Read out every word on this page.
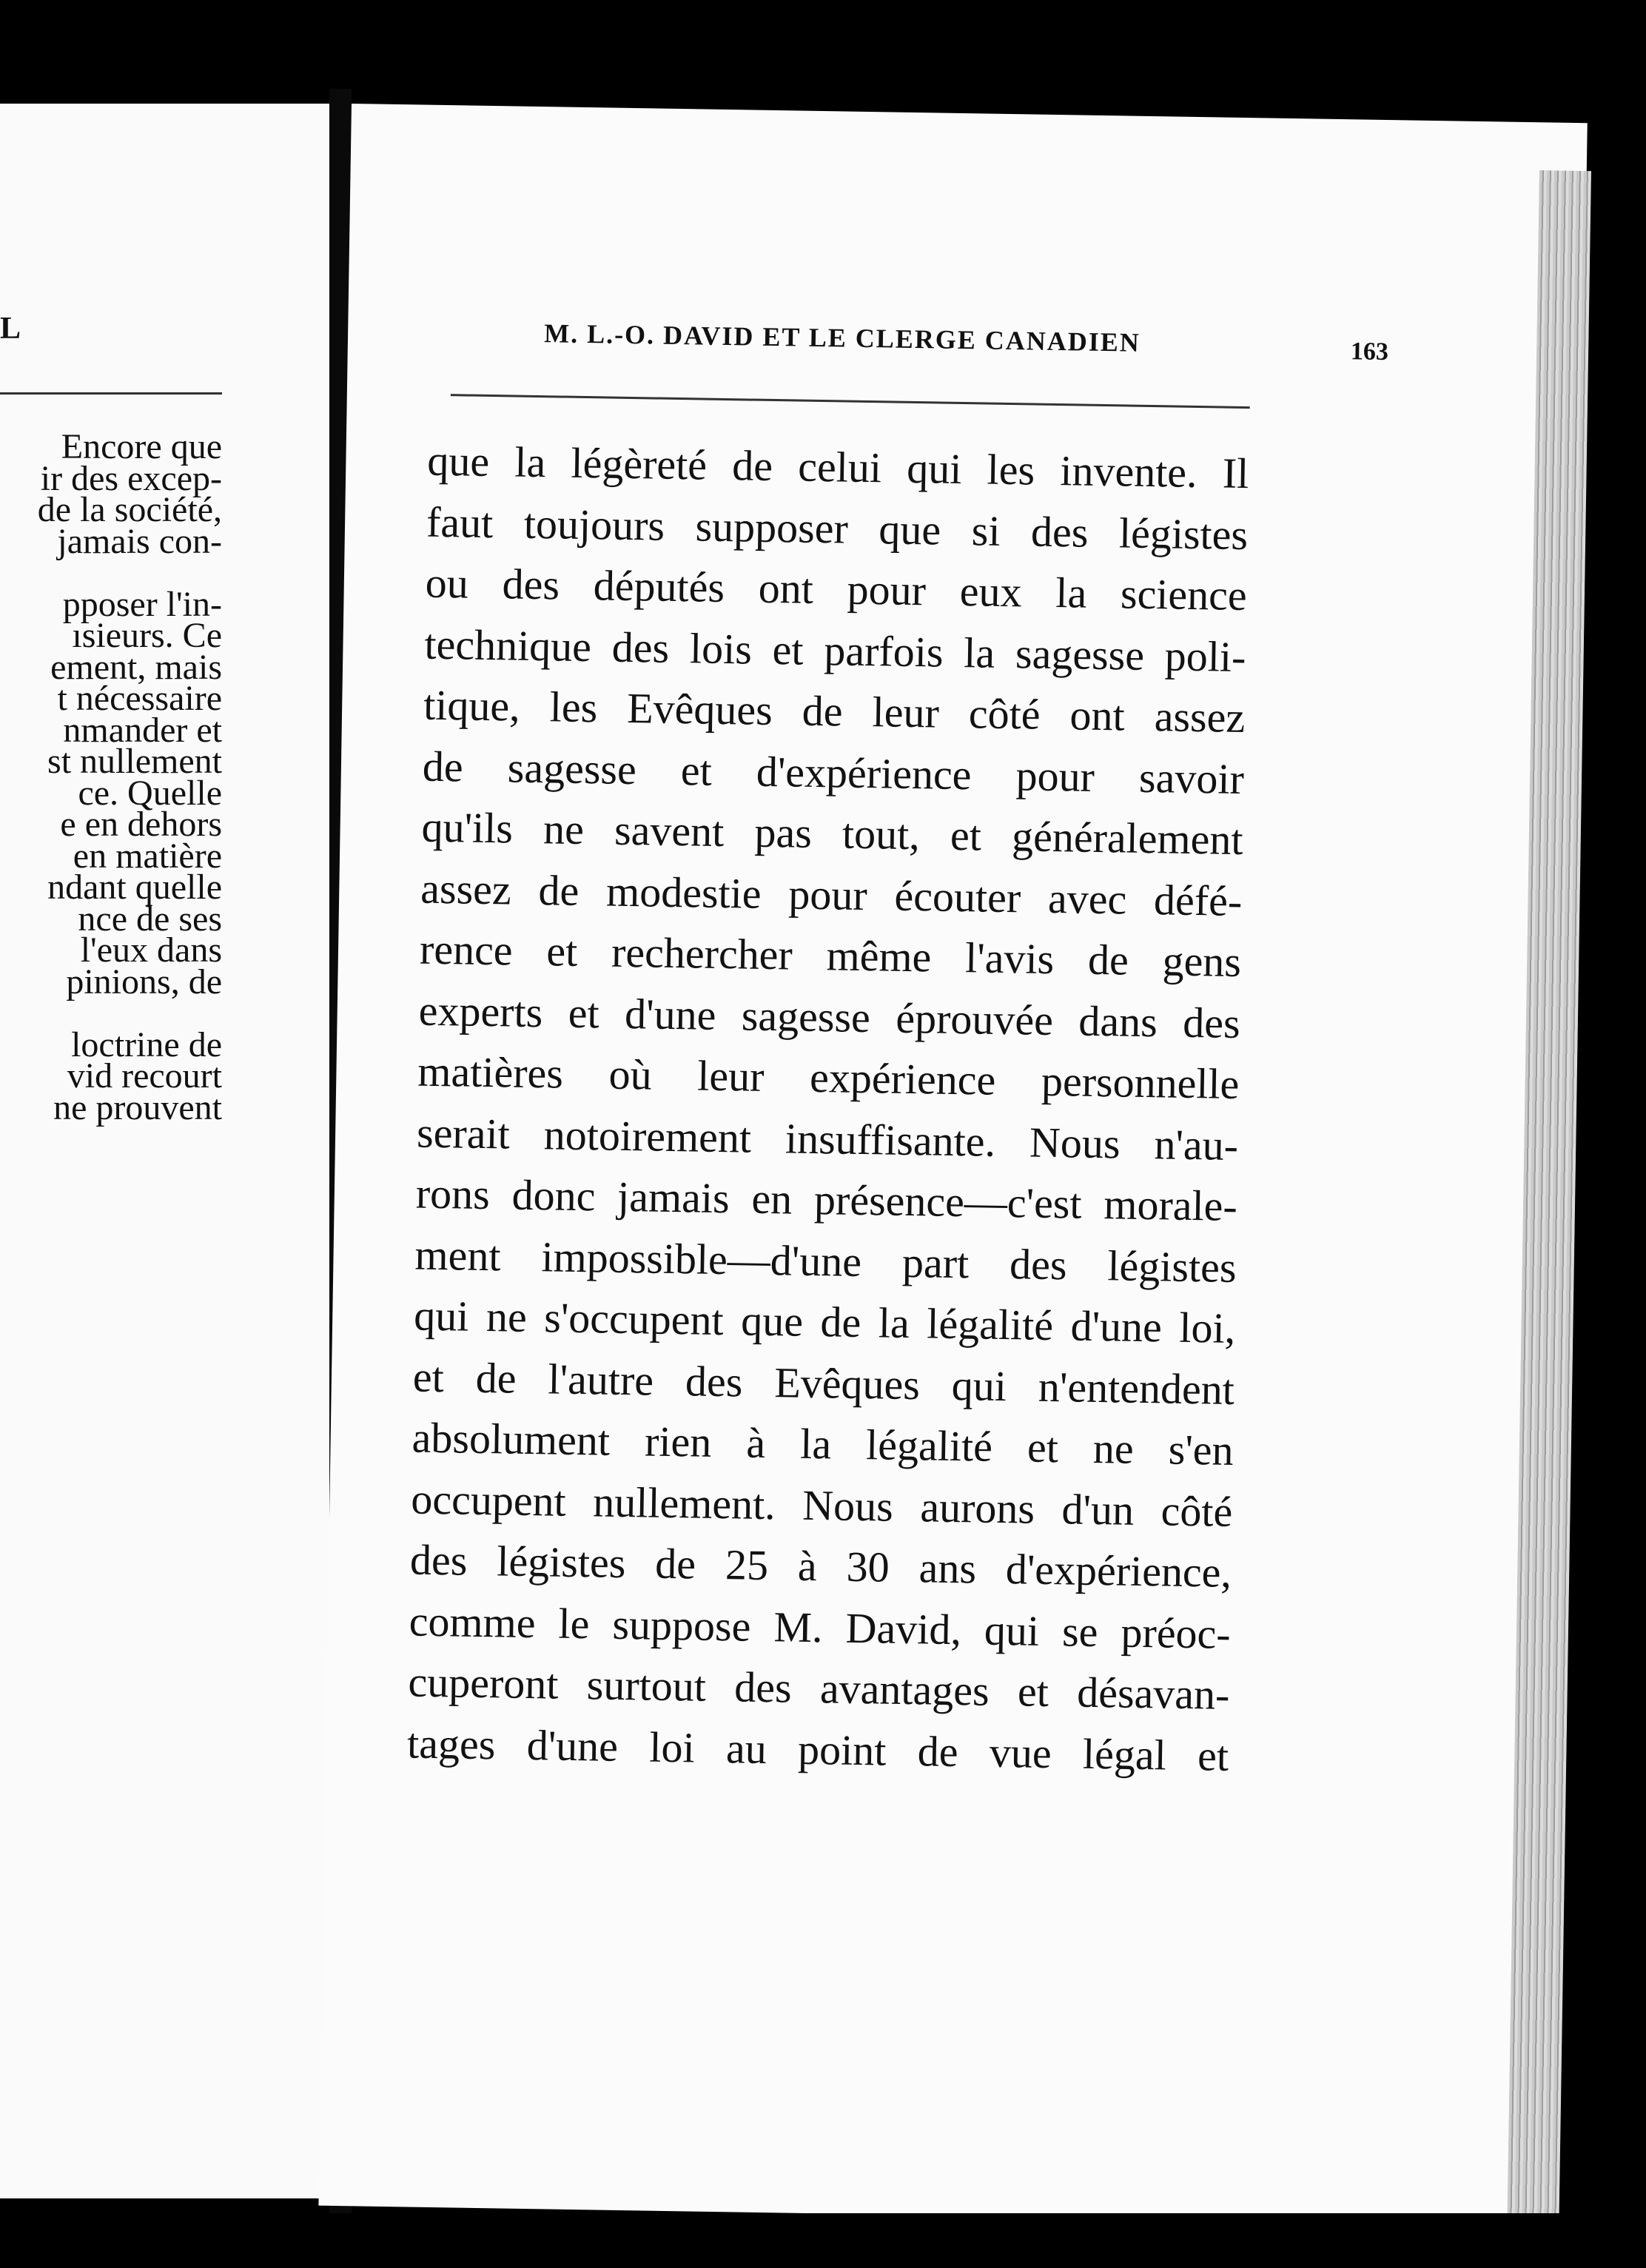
L
Encore que
ir des excep-
de la société,
jamais con-
pposer l'in-
ısieurs. Ce
ement, mais
t nécessaire
nmander et
st nullement
ce. Quelle
e en dehors
en matière
ndant quelle
nce de ses
l'eux dans
pinions, de
loctrine de
vid recourt
ne prouvent
M. L.-O. DAVID ET LE CLERGE CANADIEN	163
que la légèreté de celui qui les invente. Il
faut toujours supposer que si des légistes
ou des députés ont pour eux la science
technique des lois et parfois la sagesse poli-
tique, les Evêques de leur côté ont assez
de sagesse et d'expérience pour savoir
qu'ils ne savent pas tout, et généralement
assez de modestie pour écouter avec défé-
rence et rechercher même l'avis de gens
experts et d'une sagesse éprouvée dans des
matières où leur expérience personnelle
serait notoirement insuffisante. Nous n'au-
rons donc jamais en présence—c'est morale-
ment impossible—d'une part des légistes
qui ne s'occupent que de la légalité d'une loi,
et de l'autre des Evêques qui n'entendent
absolument rien à la légalité et ne s'en
occupent nullement. Nous aurons d'un côté
des légistes de 25 à 30 ans d'expérience,
comme le suppose M. David, qui se préoc-
cuperont surtout des avantages et désavan-
tages d'une loi au point de vue légal et
